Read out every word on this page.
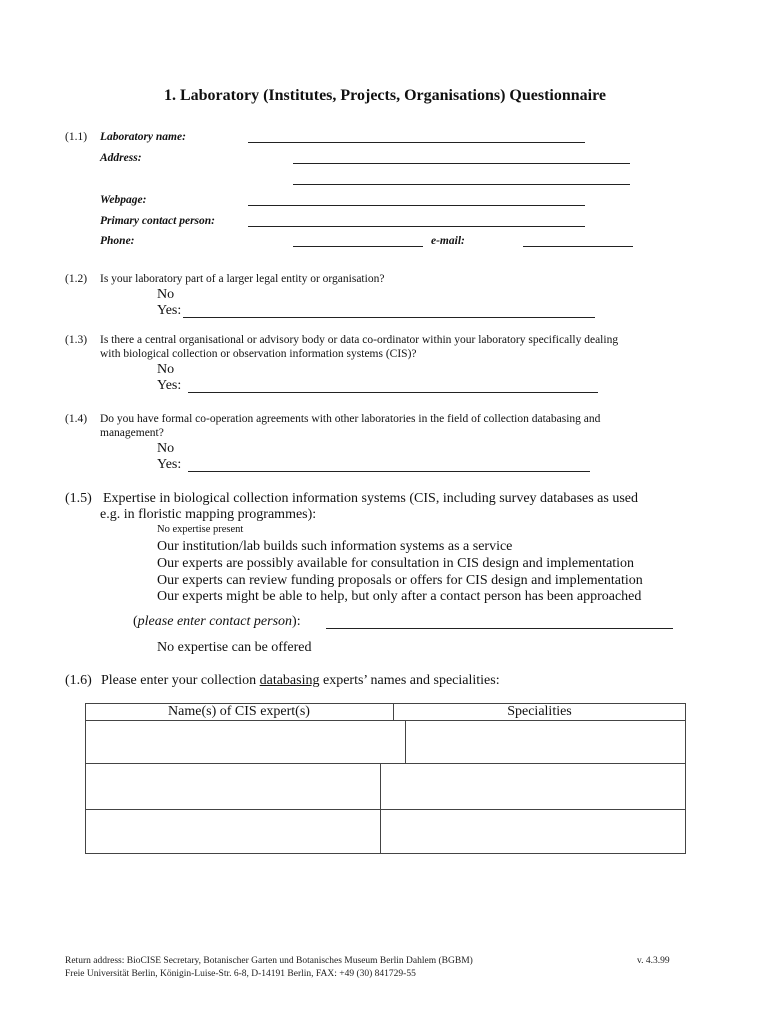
1. Laboratory (Institutes, Projects, Organisations) Questionnaire
(1.1) Laboratory name:
Address:
Webpage:
Primary contact person:
Phone:	e-mail:
(1.2) Is your laboratory part of a larger legal entity or organisation?
No
Yes:
(1.3) Is there a central organisational or advisory body or data co-ordinator within your laboratory specifically dealing
with biological collection or observation information systems (CIS)?
No
Yes:
(1.4) Do you have formal co-operation agreements with other laboratories in the field of collection databasing and
management?
No
Yes:
(1.5) Expertise in biological collection information systems (CIS, including survey databases as used
e.g. in floristic mapping programmes):
No expertise present
Our institution/lab builds such information systems as a service
Our experts are possibly available for consultation in CIS design and implementation
Our experts can review funding proposals or offers for CIS design and implementation
Our experts might be able to help, but only after a contact person has been approached
(please enter contact person):
No expertise can be offered
(1.6) Please enter your collection databasing experts’ names and specialities:
Name(s) of CIS expert(s)	Specialities
Return address: BioCISE Secretary, Botanischer Garten und Botanisches Museum Berlin Dahlem (BGBM)
Freie Universität Berlin, Königin-Luise-Str. 6-8, D-14191 Berlin, FAX: +49 (30) 841729-55
v. 4.3.99
